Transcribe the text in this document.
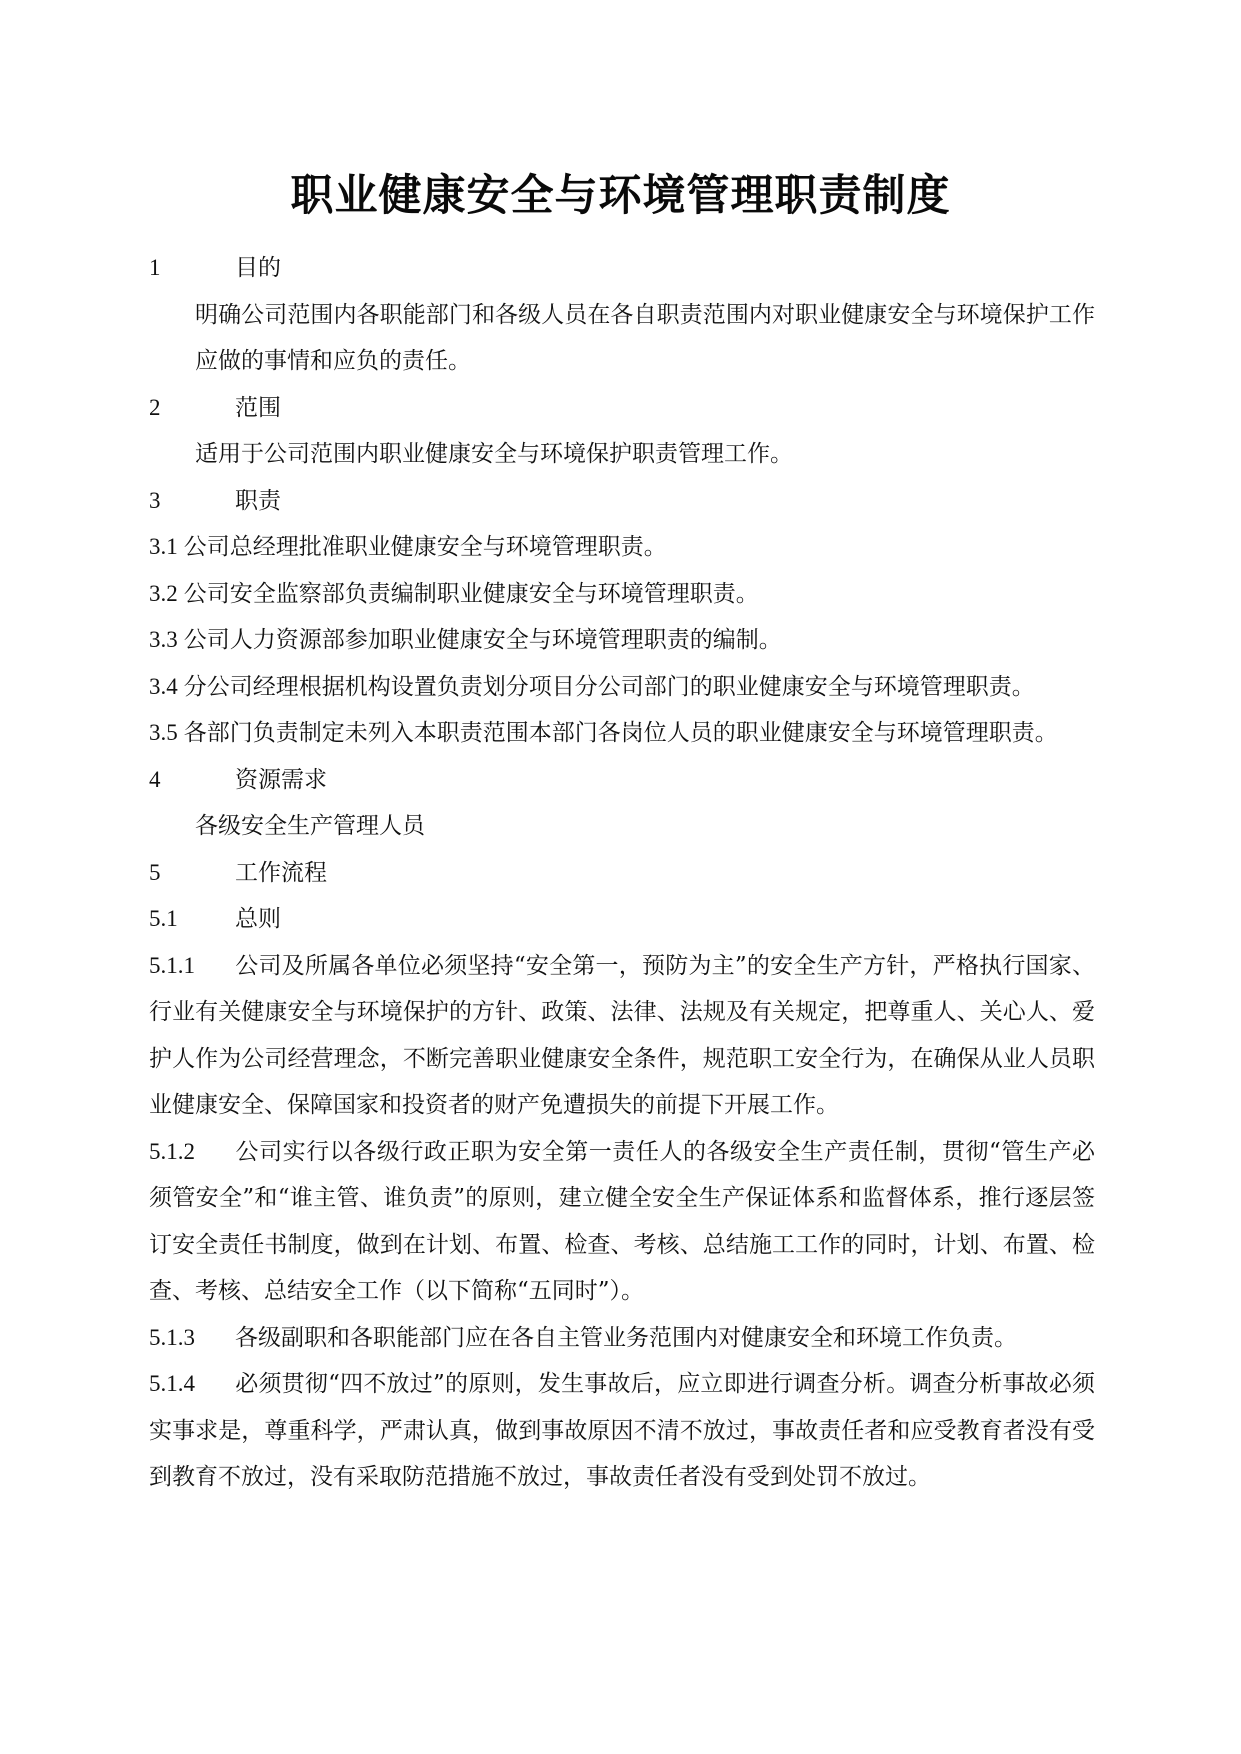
职业健康安全与环境管理职责制度
1	目的
明确公司范围内各职能部门和各级人员在各自职责范围内对职业健康安全与环境保护工作应做的事情和应负的责任。
2	范围
适用于公司范围内职业健康安全与环境保护职责管理工作。
3	职责
3.1 公司总经理批准职业健康安全与环境管理职责。
3.2 公司安全监察部负责编制职业健康安全与环境管理职责。
3.3 公司人力资源部参加职业健康安全与环境管理职责的编制。
3.4 分公司经理根据机构设置负责划分项目分公司部门的职业健康安全与环境管理职责。
3.5 各部门负责制定未列入本职责范围本部门各岗位人员的职业健康安全与环境管理职责。
4	资源需求
各级安全生产管理人员
5	工作流程
5.1 总则
5.1.1 公司及所属各单位必须坚持“安全第一，预防为主”的安全生产方针，严格执行国家、行业有关健康安全与环境保护的方针、政策、法律、法规及有关规定，把尊重人、关心人、爱护人作为公司经营理念，不断完善职业健康安全条件，规范职工安全行为，在确保从业人员职业健康安全、保障国家和投资者的财产免遭损失的前提下开展工作。
5.1.2 公司实行以各级行政正职为安全第一责任人的各级安全生产责任制，贯彻“管生产必须管安全”和“谁主管、谁负责”的原则，建立健全安全生产保证体系和监督体系，推行逐层签订安全责任书制度，做到在计划、布置、检查、考核、总结施工工作的同时，计划、布置、检查、考核、总结安全工作（以下简称“五同时”）。
5.1.3 各级副职和各职能部门应在各自主管业务范围内对健康安全和环境工作负责。
5.1.4 必须贯彻“四不放过”的原则，发生事故后，应立即进行调查分析。调查分析事故必须实事求是，尊重科学，严肃认真，做到事故原因不清不放过，事故责任者和应受教育者没有受到教育不放过，没有采取防范措施不放过，事故责任者没有受到处罚不放过。
